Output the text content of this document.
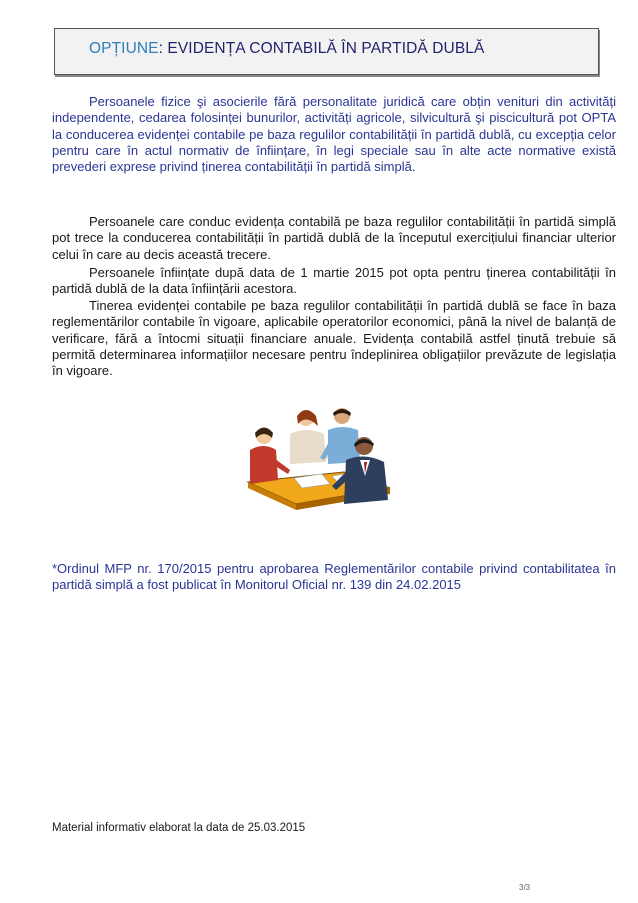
OPȚIUNE: EVIDENȚA CONTABILĂ ÎN PARTIDĂ DUBLĂ

Persoanele fizice şi asocierile fără personalitate juridică care obțin venituri din activități independente, cedarea folosinței bunurilor, activități agricole, silvicultură şi piscicultură pot OPTA la conducerea evidenței contabile pe baza regulilor contabilității în partidă dublă, cu excepția celor pentru care în actul normativ de înființare, în legi speciale sau în alte acte normative există prevederi exprese privind ținerea contabilității în partidă simplă.

Persoanele care conduc evidența contabilă pe baza regulilor contabilității în partidă simplă pot trece la conducerea contabilității în partidă dublă de la începutul exercițiului financiar ulterior celui în care au decis această trecere.

Persoanele înființate după data de 1 martie 2015 pot opta pentru ținerea contabilității în partidă dublă de la data înființării acestora.

Tinerea evidenței contabile pe baza regulilor contabilității în partidă dublă se face în baza reglementărilor contabile în vigoare, aplicabile operatorilor economici, până la nivel de balanță de verificare, fără a întocmi situații financiare anuale. Evidența contabilă astfel ținută trebuie să permită determinarea informațiilor necesare pentru îndeplinirea obligațiilor prevăzute de legislația în vigoare.

*Ordinul MFP nr. 170/2015 pentru aprobarea Reglementărilor contabile privind contabilitatea în partidă simplă a fost publicat în Monitorul Oficial nr. 139 din 24.02.2015

Material informativ elaborat la data de 25.03.2015
3/3
